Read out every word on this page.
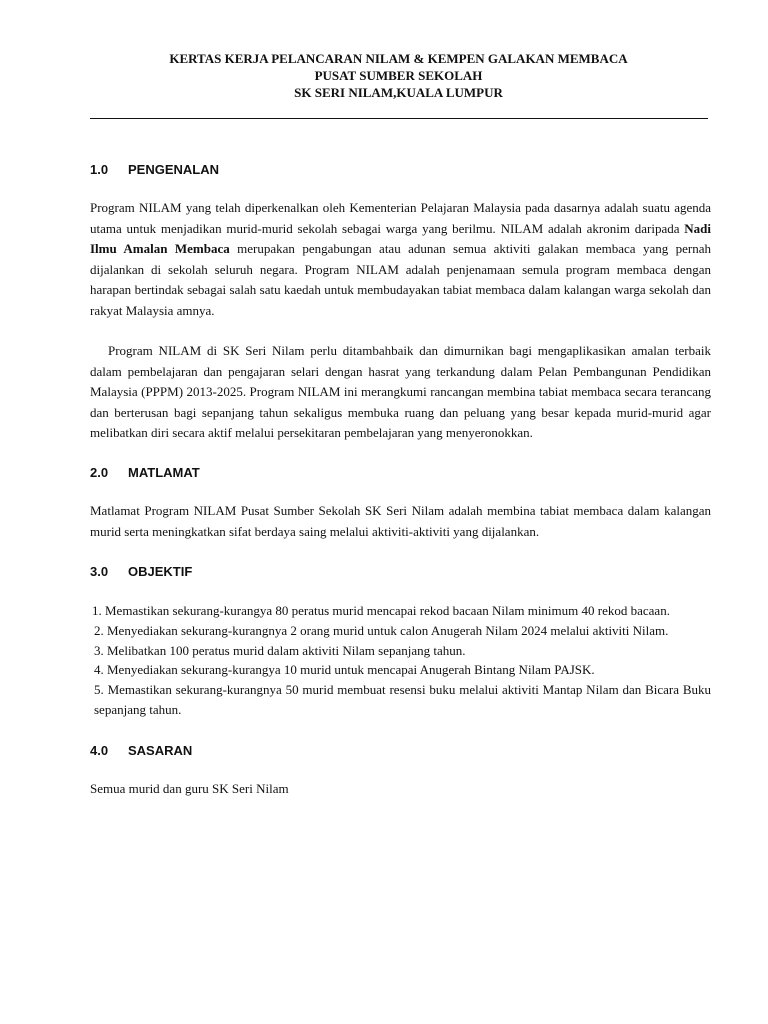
KERTAS KERJA PELANCARAN NILAM & KEMPEN GALAKAN MEMBACA
PUSAT SUMBER SEKOLAH
SK SERI NILAM,KUALA LUMPUR
1.0 PENGENALAN

Program NILAM yang telah diperkenalkan oleh Kementerian Pelajaran Malaysia pada dasarnya adalah suatu agenda utama untuk menjadikan murid-murid sekolah sebagai warga yang berilmu. NILAM adalah akronim daripada Nadi Ilmu Amalan Membaca merupakan pengabungan atau adunan semua aktiviti galakan membaca yang pernah dijalankan di sekolah seluruh negara. Program NILAM adalah penjenamaan semula program membaca dengan harapan bertindak sebagai salah satu kaedah untuk membudayakan tabiat membaca dalam kalangan warga sekolah dan rakyat Malaysia amnya.

Program NILAM di SK Seri Nilam perlu ditambahbaik dan dimurnikan bagi mengaplikasikan amalan terbaik dalam pembelajaran dan pengajaran selari dengan hasrat yang terkandung dalam Pelan Pembangunan Pendidikan Malaysia (PPPM) 2013-2025. Program NILAM ini merangkumi rancangan membina tabiat membaca secara terancang dan berterusan bagi sepanjang tahun sekaligus membuka ruang dan peluang yang besar kepada murid-murid agar melibatkan diri secara aktif melalui persekitaran pembelajaran yang menyeronokkan.

2.0 MATLAMAT

Matlamat Program NILAM Pusat Sumber Sekolah SK Seri Nilam adalah membina tabiat membaca dalam kalangan murid serta meningkatkan sifat berdaya saing melalui aktiviti-aktiviti yang dijalankan.

3.0 OBJEKTIF
1. Memastikan sekurang-kurangya 80 peratus murid mencapai rekod bacaan Nilam minimum 40 rekod bacaan.
2. Menyediakan sekurang-kurangnya 2 orang murid untuk calon Anugerah Nilam 2024 melalui aktiviti Nilam.
3. Melibatkan 100 peratus murid dalam aktiviti Nilam sepanjang tahun.
4. Menyediakan sekurang-kurangya 10 murid untuk mencapai Anugerah Bintang Nilam PAJSK.
5. Memastikan sekurang-kurangnya 50 murid membuat resensi buku melalui aktiviti Mantap Nilam dan Bicara Buku sepanjang tahun.
4.0 SASARAN

Semua murid dan guru SK Seri Nilam
